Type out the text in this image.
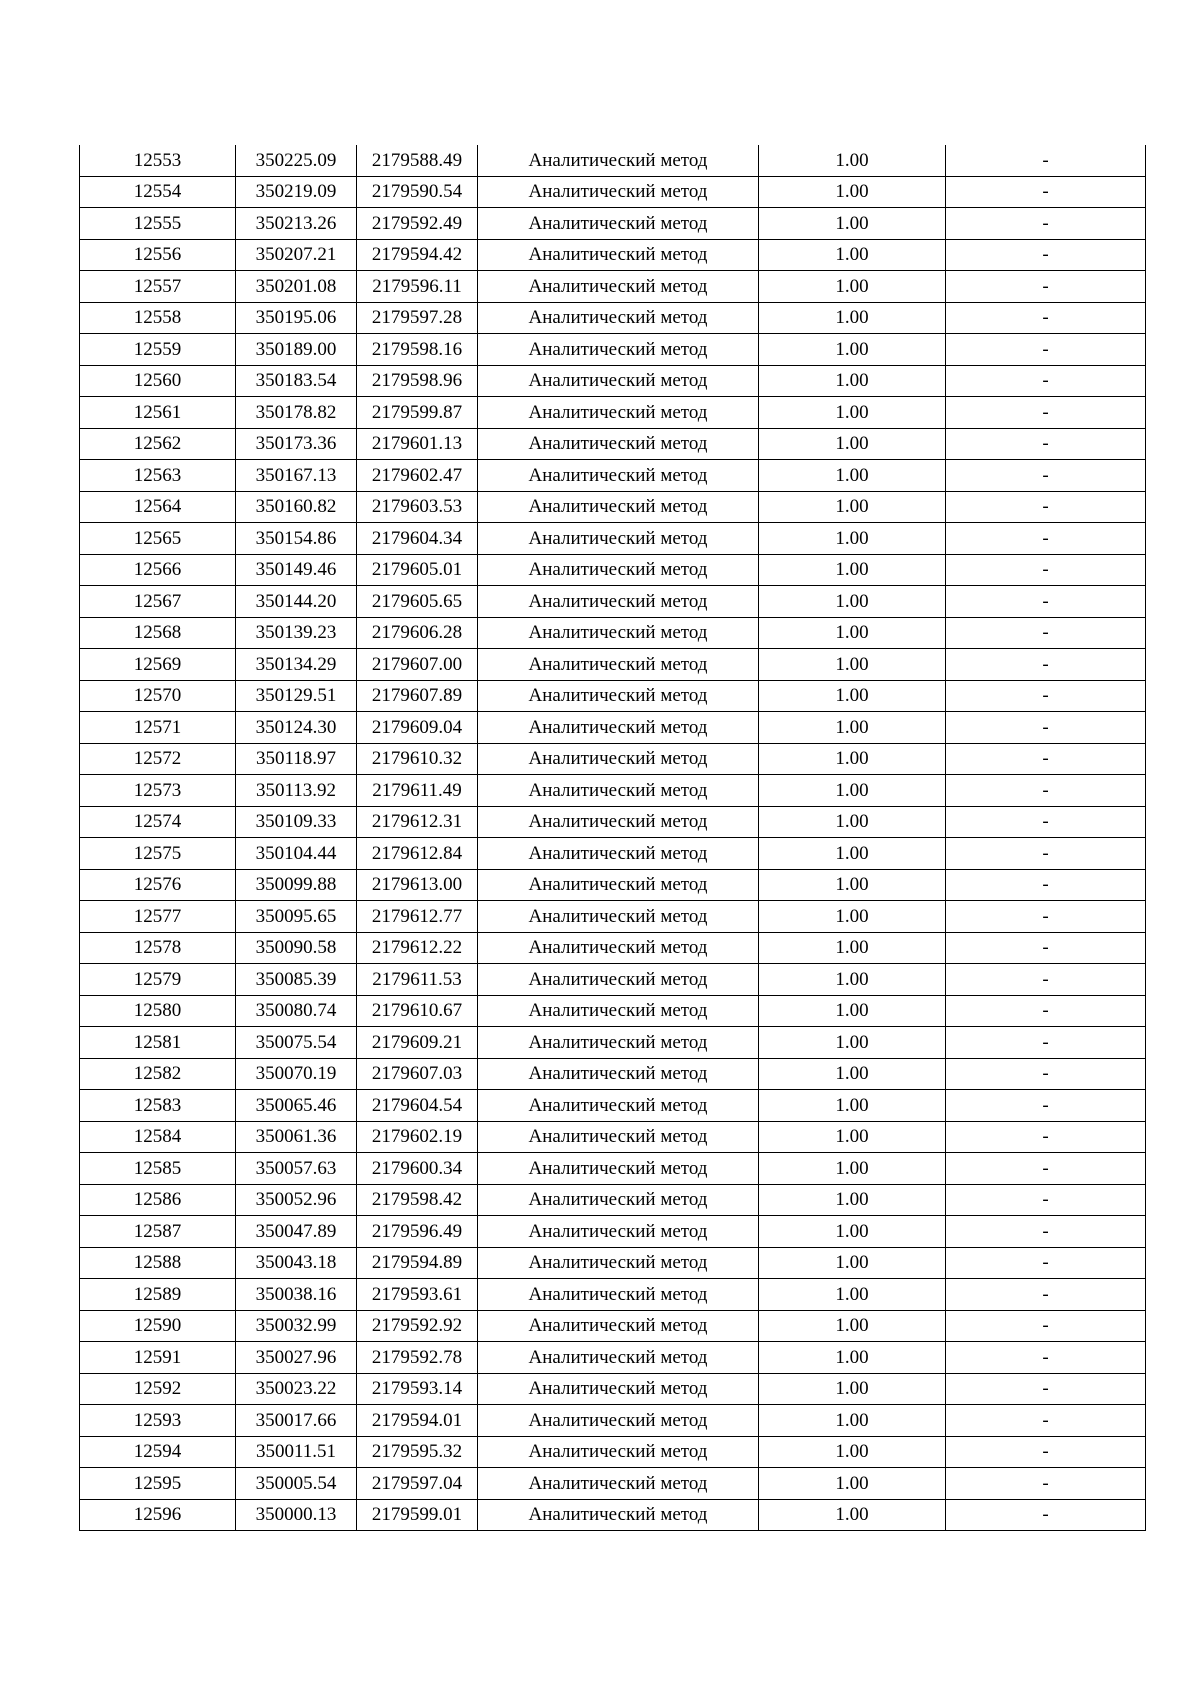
12553	350225.09	2179588.49	Аналитический метод	1.00	-
12554	350219.09	2179590.54	Аналитический метод	1.00	-
12555	350213.26	2179592.49	Аналитический метод	1.00	-
12556	350207.21	2179594.42	Аналитический метод	1.00	-
12557	350201.08	2179596.11	Аналитический метод	1.00	-
12558	350195.06	2179597.28	Аналитический метод	1.00	-
12559	350189.00	2179598.16	Аналитический метод	1.00	-
12560	350183.54	2179598.96	Аналитический метод	1.00	-
12561	350178.82	2179599.87	Аналитический метод	1.00	-
12562	350173.36	2179601.13	Аналитический метод	1.00	-
12563	350167.13	2179602.47	Аналитический метод	1.00	-
12564	350160.82	2179603.53	Аналитический метод	1.00	-
12565	350154.86	2179604.34	Аналитический метод	1.00	-
12566	350149.46	2179605.01	Аналитический метод	1.00	-
12567	350144.20	2179605.65	Аналитический метод	1.00	-
12568	350139.23	2179606.28	Аналитический метод	1.00	-
12569	350134.29	2179607.00	Аналитический метод	1.00	-
12570	350129.51	2179607.89	Аналитический метод	1.00	-
12571	350124.30	2179609.04	Аналитический метод	1.00	-
12572	350118.97	2179610.32	Аналитический метод	1.00	-
12573	350113.92	2179611.49	Аналитический метод	1.00	-
12574	350109.33	2179612.31	Аналитический метод	1.00	-
12575	350104.44	2179612.84	Аналитический метод	1.00	-
12576	350099.88	2179613.00	Аналитический метод	1.00	-
12577	350095.65	2179612.77	Аналитический метод	1.00	-
12578	350090.58	2179612.22	Аналитический метод	1.00	-
12579	350085.39	2179611.53	Аналитический метод	1.00	-
12580	350080.74	2179610.67	Аналитический метод	1.00	-
12581	350075.54	2179609.21	Аналитический метод	1.00	-
12582	350070.19	2179607.03	Аналитический метод	1.00	-
12583	350065.46	2179604.54	Аналитический метод	1.00	-
12584	350061.36	2179602.19	Аналитический метод	1.00	-
12585	350057.63	2179600.34	Аналитический метод	1.00	-
12586	350052.96	2179598.42	Аналитический метод	1.00	-
12587	350047.89	2179596.49	Аналитический метод	1.00	-
12588	350043.18	2179594.89	Аналитический метод	1.00	-
12589	350038.16	2179593.61	Аналитический метод	1.00	-
12590	350032.99	2179592.92	Аналитический метод	1.00	-
12591	350027.96	2179592.78	Аналитический метод	1.00	-
12592	350023.22	2179593.14	Аналитический метод	1.00	-
12593	350017.66	2179594.01	Аналитический метод	1.00	-
12594	350011.51	2179595.32	Аналитический метод	1.00	-
12595	350005.54	2179597.04	Аналитический метод	1.00	-
12596	350000.13	2179599.01	Аналитический метод	1.00	-
